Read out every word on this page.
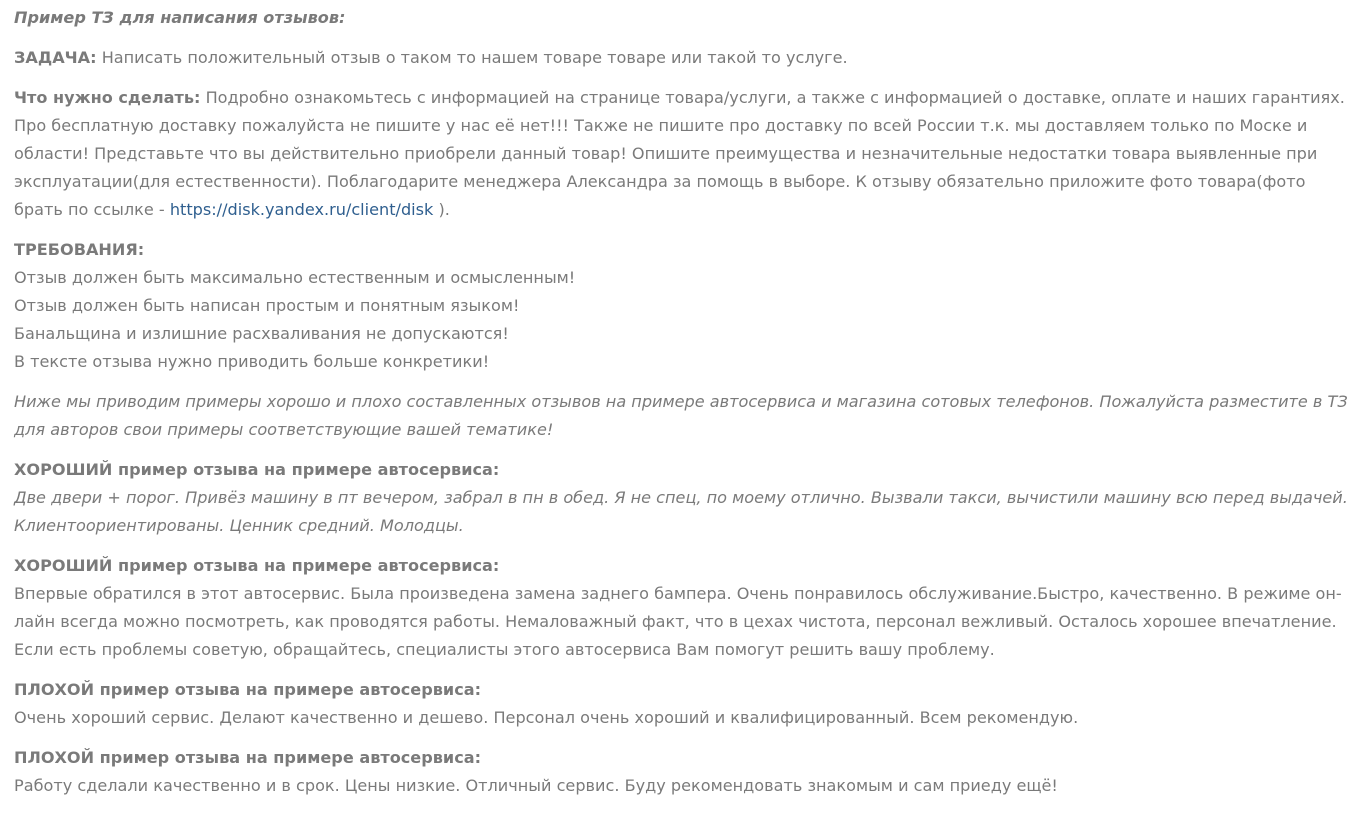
Пример ТЗ для написания отзывов:

ЗАДАЧА: Написать положительный отзыв о таком то нашем товаре товаре или такой то услуге.

Что нужно сделать: Подробно ознакомьтесь с информацией на странице товара/услуги, а также с информацией о доставке, оплате и наших гарантиях. Про бесплатную доставку пожалуйста не пишите у нас её нет!!! Также не пишите про доставку по всей России т.к. мы доставляем только по Моске и области! Представьте что вы действительно приобрели данный товар! Опишите преимущества и незначительные недостатки товара выявленные при эксплуатации(для естественности). Поблагодарите менеджера Александра за помощь в выборе. К отзыву обязательно приложите фото товара(фото брать по ссылке - https://disk.yandex.ru/client/disk ).

ТРЕБОВАНИЯ:
Отзыв должен быть максимально естественным и осмысленным!
Отзыв должен быть написан простым и понятным языком!
Банальщина и излишние расхваливания не допускаются!
В тексте отзыва нужно приводить больше конкретики!

Ниже мы приводим примеры хорошо и плохо составленных отзывов на примере автосервиса и магазина сотовых телефонов. Пожалуйста разместите в ТЗ для авторов свои примеры соответствующие вашей тематике!

ХОРОШИЙ пример отзыва на примере автосервиса:
Две двери + порог. Привёз машину в пт вечером, забрал в пн в обед. Я не спец, по моему отлично. Вызвали такси, вычистили машину всю перед выдачей. Клиентоориентированы. Ценник средний. Молодцы.

ХОРОШИЙ пример отзыва на примере автосервиса:
Впервые обратился в этот автосервис. Была произведена замена заднего бампера. Очень понравилось обслуживание.Быстро, качественно. В режиме он-лайн всегда можно посмотреть, как проводятся работы. Немаловажный факт, что в цехах чистота, персонал вежливый. Осталось хорошее впечатление. Если есть проблемы советую, обращайтесь, специалисты этого автосервиса Вам помогут решить вашу проблему.

ПЛОХОЙ пример отзыва на примере автосервиса:
Очень хороший сервис. Делают качественно и дешево. Персонал очень хороший и квалифицированный. Всем рекомендую.

ПЛОХОЙ пример отзыва на примере автосервиса:
Работу сделали качественно и в срок. Цены низкие. Отличный сервис. Буду рекомендовать знакомым и сам приеду ещё!
